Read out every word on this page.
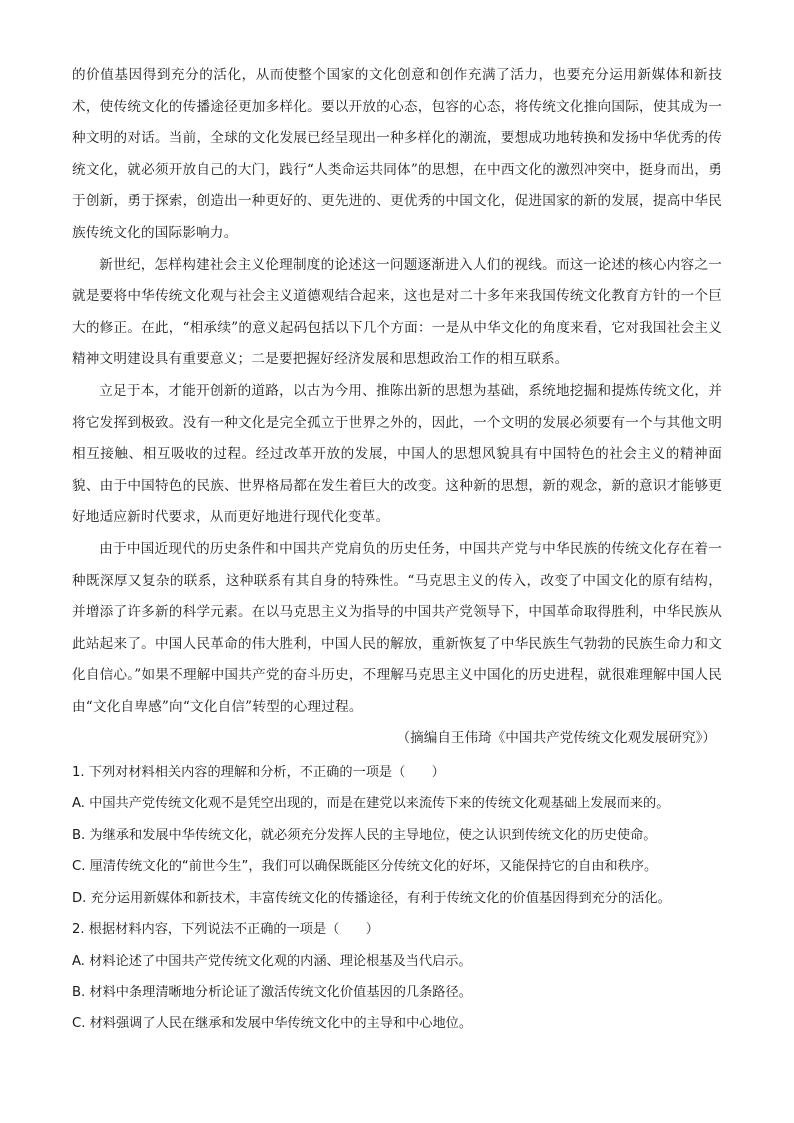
的价值基因得到充分的活化，从而使整个国家的文化创意和创作充满了活力，也要充分运用新媒体和新技术，使传统文化的传播途径更加多样化。要以开放的心态，包容的心态，将传统文化推向国际，使其成为一种文明的对话。当前，全球的文化发展已经呈现出一种多样化的潮流，要想成功地转换和发扬中华优秀的传统文化，就必须开放自己的大门，践行“人类命运共同体”的思想，在中西文化的激烈冲突中，挺身而出，勇于创新，勇于探索，创造出一种更好的、更先进的、更优秀的中国文化，促进国家的新的发展，提高中华民族传统文化的国际影响力。

新世纪，怎样构建社会主义伦理制度的论述这一问题逐渐进入人们的视线。而这一论述的核心内容之一就是要将中华传统文化观与社会主义道德观结合起来，这也是对二十多年来我国传统文化教育方针的一个巨大的修正。在此，“相承续”的意义起码包括以下几个方面：一是从中华文化的角度来看，它对我国社会主义精神文明建设具有重要意义；二是要把握好经济发展和思想政治工作的相互联系。

立足于本，才能开创新的道路，以古为今用、推陈出新的思想为基础，系统地挖掘和提炼传统文化，并将它发挥到极致。没有一种文化是完全孤立于世界之外的，因此，一个文明的发展必须要有一个与其他文明相互接触、相互吸收的过程。经过改革开放的发展，中国人的思想风貌具有中国特色的社会主义的精神面貌、由于中国特色的民族、世界格局都在发生着巨大的改变。这种新的思想，新的观念，新的意识才能够更好地适应新时代要求，从而更好地进行现代化变革。

由于中国近现代的历史条件和中国共产党肩负的历史任务，中国共产党与中华民族的传统文化存在着一种既深厚又复杂的联系，这种联系有其自身的特殊性。“马克思主义的传入，改变了中国文化的原有结构，并增添了许多新的科学元素。在以马克思主义为指导的中国共产党领导下，中国革命取得胜利，中华民族从此站起来了。中国人民革命的伟大胜利，中国人民的解放，重新恢复了中华民族生气勃勃的民族生命力和文化自信心。”如果不理解中国共产党的奋斗历史，不理解马克思主义中国化的历史进程，就很难理解中国人民由“文化自卑感”向“文化自信”转型的心理过程。

（摘编自王伟琦《中国共产党传统文化观发展研究》）

1. 下列对材料相关内容的理解和分析，不正确的一项是（　　）

A. 中国共产党传统文化观不是凭空出现的，而是在建党以来流传下来的传统文化观基础上发展而来的。

B. 为继承和发展中华传统文化，就必须充分发挥人民的主导地位，使之认识到传统文化的历史使命。

C. 厘清传统文化的“前世今生”，我们可以确保既能区分传统文化的好坏，又能保持它的自由和秩序。

D. 充分运用新媒体和新技术，丰富传统文化的传播途径，有利于传统文化的价值基因得到充分的活化。

2. 根据材料内容，下列说法不正确的一项是（　　）

A. 材料论述了中国共产党传统文化观的内涵、理论根基及当代启示。

B. 材料中条理清晰地分析论证了激活传统文化价值基因的几条路径。

C. 材料强调了人民在继承和发展中华传统文化中的主导和中心地位。
